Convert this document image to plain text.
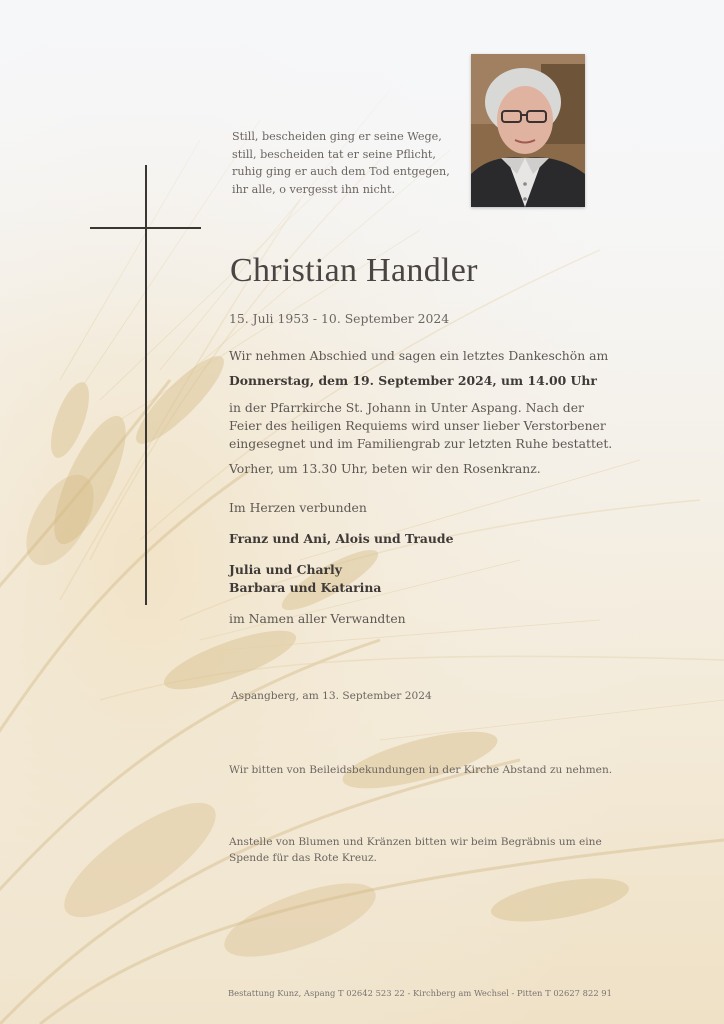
Still, bescheiden ging er seine Wege,
still, bescheiden tat er seine Pflicht,
ruhig ging er auch dem Tod entgegen,
ihr alle, o vergesst ihn nicht.
Christian Handler
15. Juli 1953 - 10. September 2024
Wir nehmen Abschied und sagen ein letztes Dankeschön am
Donnerstag, dem 19. September 2024, um 14.00 Uhr
in der Pfarrkirche St. Johann in Unter Aspang. Nach der
Feier des heiligen Requiems wird unser lieber Verstorbener
eingesegnet und im Familiengrab zur letzten Ruhe bestattet.
Vorher, um 13.30 Uhr, beten wir den Rosenkranz.
Im Herzen verbunden
Franz und Ani, Alois und Traude
Julia und Charly
Barbara und Katarina
im Namen aller Verwandten
Aspangberg, am 13. September 2024
Wir bitten von Beileidsbekundungen in der Kirche Abstand zu nehmen.
Anstelle von Blumen und Kränzen bitten wir beim Begräbnis um eine
Spende für das Rote Kreuz.
Bestattung Kunz, Aspang T 02642 523 22 - Kirchberg am Wechsel - Pitten T 02627 822 91
